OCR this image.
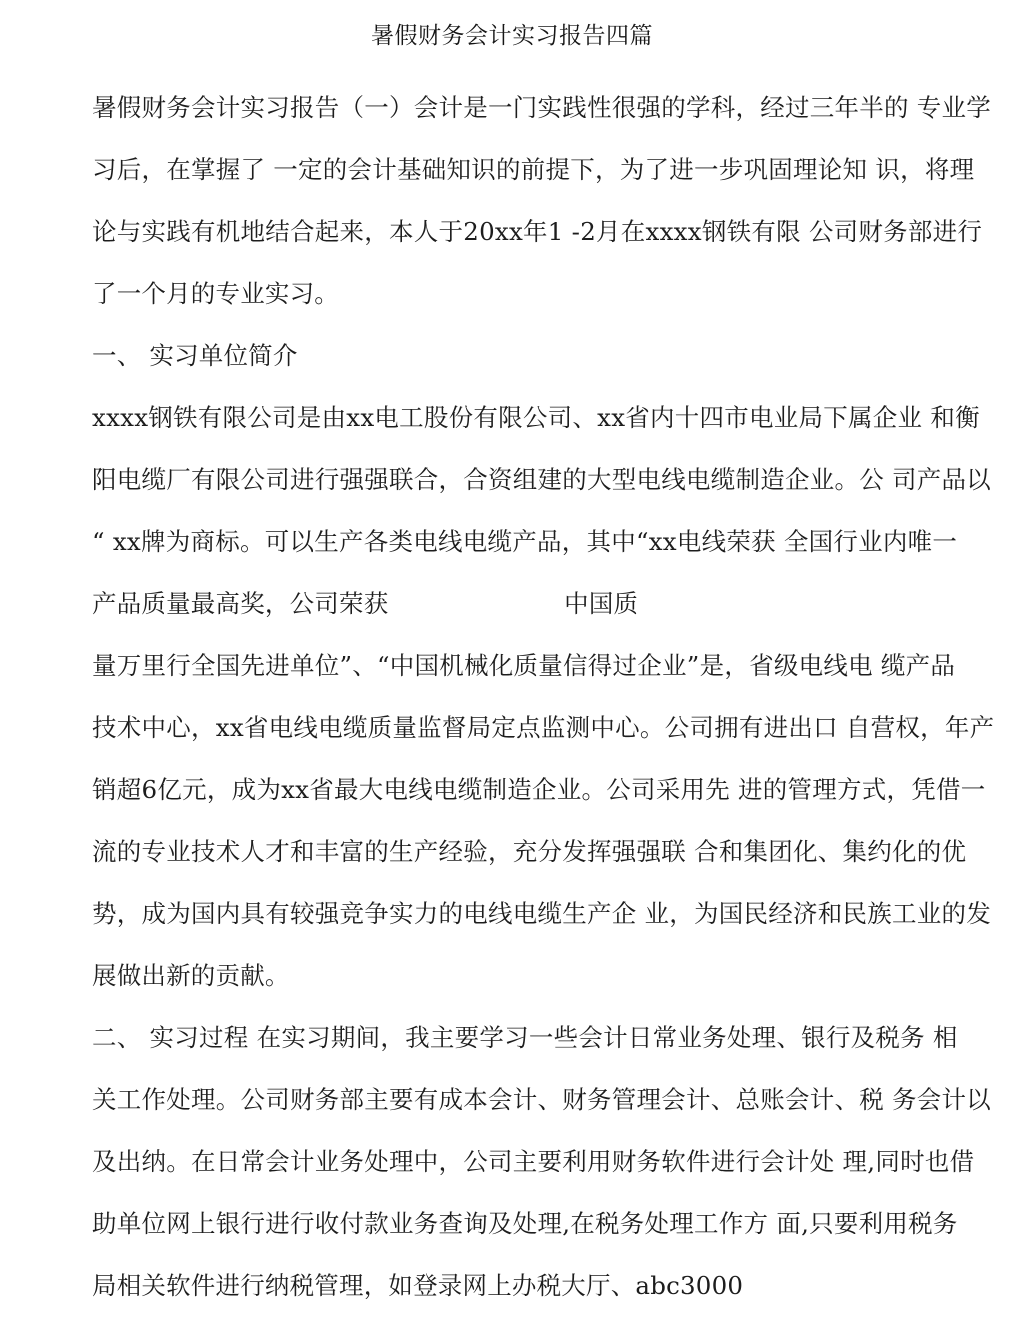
暑假财务会计实习报告四篇
暑假财务会计实习报告（一）会计是一门实践性很强的学科，经过三年半的 专业学
习后，在掌握了 一定的会计基础知识的前提下，为了进一步巩固理论知 识，将理
论与实践有机地结合起来，本人于20xx年1 -2月在xxxx钢铁有限 公司财务部进行
了一个月的专业实习。
一、 实习单位简介
xxxx钢铁有限公司是由xx电工股份有限公司、xx省内十四市电业局下属企业 和衡
阳电缆厂有限公司进行强强联合，合资组建的大型电线电缆制造企业。公 司产品以
“ xx牌为商标。可以生产各类电线电缆产品，其中“xx电线荣获 全国行业内唯一
产品质量最高奖，公司荣获                      中国质
量万里行全国先进单位”、“中国机械化质量信得过企业”是，省级电线电 缆产品
技术中心，xx省电线电缆质量监督局定点监测中心。公司拥有进出口 自营权，年产
销超6亿元，成为xx省最大电线电缆制造企业。公司采用先 进的管理方式，凭借一
流的专业技术人才和丰富的生产经验，充分发挥强强联 合和集团化、集约化的优
势，成为国内具有较强竞争实力的电线电缆生产企 业，为国民经济和民族工业的发
展做出新的贡献。
二、 实习过程 在实习期间，我主要学习一些会计日常业务处理、银行及税务 相
关工作处理。公司财务部主要有成本会计、财务管理会计、总账会计、税 务会计以
及出纳。在日常会计业务处理中，公司主要利用财务软件进行会计处 理,同时也借
助单位网上银行进行收付款业务查询及处理,在税务处理工作方 面,只要利用税务
局相关软件进行纳税管理，如登录网上办税大厅、abc3000
